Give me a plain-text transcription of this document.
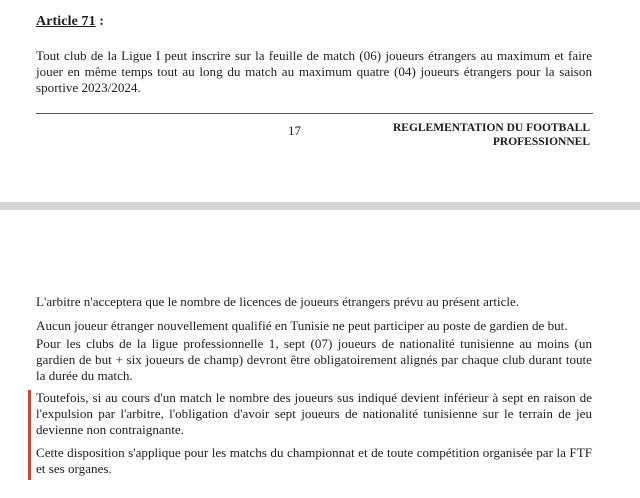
Article 71 :
Tout club de la Ligue I peut inscrire sur la feuille de match (06) joueurs étrangers au maximum et faire jouer en même temps tout au long du match au maximum quatre (04) joueurs étrangers pour la saison sportive 2023/2024.
17	REGLEMENTATION DU FOOTBALL
PROFESSIONNEL
L'arbitre n'acceptera que le nombre de licences de joueurs étrangers prévu au présent article.
Aucun joueur étranger nouvellement qualifié en Tunisie ne peut participer au poste de gardien de but.
Pour les clubs de la ligue professionnelle 1, sept (07) joueurs de nationalité tunisienne au moins (un gardien de but + six joueurs de champ) devront être obligatoirement alignés par chaque club durant toute la durée du match.
Toutefois, si au cours d'un match le nombre des joueurs sus indiqué devient inférieur à sept en raison de l'expulsion par l'arbitre, l'obligation d'avoir sept joueurs de nationalité tunisienne sur le terrain de jeu devienne non contraignante.
Cette disposition s'applique pour les matchs du championnat et de toute compétition organisée par la FTF et ses organes.
